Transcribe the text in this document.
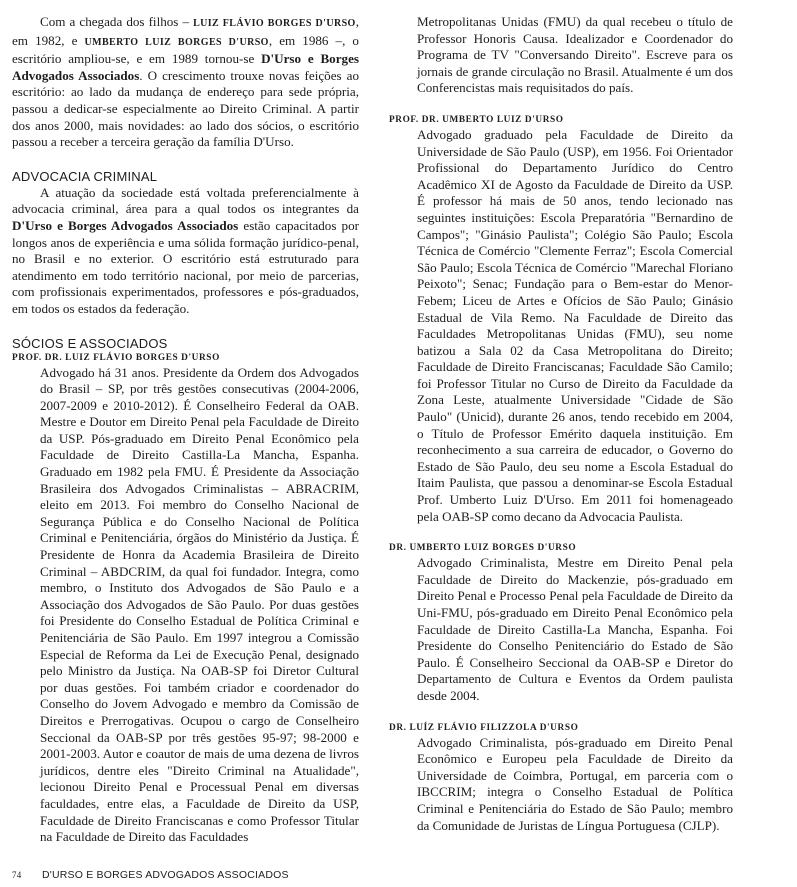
Com a chegada dos filhos – LUIZ FLÁVIO BORGES D'URSO, em 1982, e UMBERTO LUIZ BORGES D'URSO, em 1986 –, o escritório ampliou-se, e em 1989 tornou-se D'Urso e Borges Advogados Associados. O crescimento trouxe novas feições ao escritório: ao lado da mudança de endereço para sede própria, passou a dedicar-se especialmente ao Direito Criminal. A partir dos anos 2000, mais novidades: ao lado dos sócios, o escritório passou a receber a terceira geração da família D'Urso.

ADVOCACIA CRIMINAL

A atuação da sociedade está voltada preferencialmente à advocacia criminal, área para a qual todos os integrantes da D'Urso e Borges Advogados Associados estão capacitados por longos anos de experiência e uma sólida formação jurídico-penal, no Brasil e no exterior. O escritório está estruturado para atendimento em todo território nacional, por meio de parcerias, com profissionais experimentados, professores e pós-graduados, em todos os estados da federação.

SÓCIOS E ASSOCIADOS
PROF. DR. LUIZ FLÁVIO BORGES D'URSO

Advogado há 31 anos. Presidente da Ordem dos Advogados do Brasil – SP, por três gestões consecutivas (2004-2006, 2007-2009 e 2010-2012). É Conselheiro Federal da OAB. Mestre e Doutor em Direito Penal pela Faculdade de Direito da USP. Pós-graduado em Direito Penal Econômico pela Faculdade de Direito Castilla-La Mancha, Espanha. Graduado em 1982 pela FMU. É Presidente da Associação Brasileira dos Advogados Criminalistas – ABRACRIM, eleito em 2013. Foi membro do Conselho Nacional de Segurança Pública e do Conselho Nacional de Política Criminal e Penitenciária, órgãos do Ministério da Justiça. É Presidente de Honra da Academia Brasileira de Direito Criminal – ABDCRIM, da qual foi fundador. Integra, como membro, o Instituto dos Advogados de São Paulo e a Associação dos Advogados de São Paulo. Por duas gestões foi Presidente do Conselho Estadual de Política Criminal e Penitenciária de São Paulo. Em 1997 integrou a Comissão Especial de Reforma da Lei de Execução Penal, designado pelo Ministro da Justiça. Na OAB-SP foi Diretor Cultural por duas gestões. Foi também criador e coordenador do Conselho do Jovem Advogado e membro da Comissão de Direitos e Prerrogativas. Ocupou o cargo de Conselheiro Seccional da OAB-SP por três gestões 95-97; 98-2000 e 2001-2003. Autor e coautor de mais de uma dezena de livros jurídicos, dentre eles "Direito Criminal na Atualidade", lecionou Direito Penal e Processual Penal em diversas faculdades, entre elas, a Faculdade de Direito da USP, Faculdade de Direito Franciscanas e como Professor Titular na Faculdade de Direito das Faculdades

Metropolitanas Unidas (FMU) da qual recebeu o título de Professor Honoris Causa. Idealizador e Coordenador do Programa de TV "Conversando Direito". Escreve para os jornais de grande circulação no Brasil. Atualmente é um dos Conferencistas mais requisitados do país.

PROF. DR. UMBERTO LUIZ D'URSO

Advogado graduado pela Faculdade de Direito da Universidade de São Paulo (USP), em 1956. Foi Orientador Profissional do Departamento Jurídico do Centro Acadêmico XI de Agosto da Faculdade de Direito da USP. É professor há mais de 50 anos, tendo lecionado nas seguintes instituições: Escola Preparatória "Bernardino de Campos"; "Ginásio Paulista"; Colégio São Paulo; Escola Técnica de Comércio "Clemente Ferraz"; Escola Comercial São Paulo; Escola Técnica de Comércio "Marechal Floriano Peixoto"; Senac; Fundação para o Bem-estar do Menor-Febem; Liceu de Artes e Ofícios de São Paulo; Ginásio Estadual de Vila Remo. Na Faculdade de Direito das Faculdades Metropolitanas Unidas (FMU), seu nome batizou a Sala 02 da Casa Metropolitana do Direito; Faculdade de Direito Franciscanas; Faculdade São Camilo; foi Professor Titular no Curso de Direito da Faculdade da Zona Leste, atualmente Universidade "Cidade de São Paulo" (Unicid), durante 26 anos, tendo recebido em 2004, o Título de Professor Emérito daquela instituição. Em reconhecimento a sua carreira de educador, o Governo do Estado de São Paulo, deu seu nome a Escola Estadual do Itaim Paulista, que passou a denominar-se Escola Estadual Prof. Umberto Luiz D'Urso. Em 2011 foi homenageado pela OAB-SP como decano da Advocacia Paulista.

DR. UMBERTO LUIZ BORGES D'URSO

Advogado Criminalista, Mestre em Direito Penal pela Faculdade de Direito do Mackenzie, pós-graduado em Direito Penal e Processo Penal pela Faculdade de Direito da Uni-FMU, pós-graduado em Direito Penal Econômico pela Faculdade de Direito Castilla-La Mancha, Espanha. Foi Presidente do Conselho Penitenciário do Estado de São Paulo. É Conselheiro Seccional da OAB-SP e Diretor do Departamento de Cultura e Eventos da Ordem paulista desde 2004.

DR. LUÍZ FLÁVIO FILIZZOLA D'URSO

Advogado Criminalista, pós-graduado em Direito Penal Econômico e Europeu pela Faculdade de Direito da Universidade de Coimbra, Portugal, em parceria com o IBCCRIM; integra o Conselho Estadual de Política Criminal e Penitenciária do Estado de São Paulo; membro da Comunidade de Juristas de Língua Portuguesa (CJLP).

74 D'URSO E BORGES ADVOGADOS ASSOCIADOS
